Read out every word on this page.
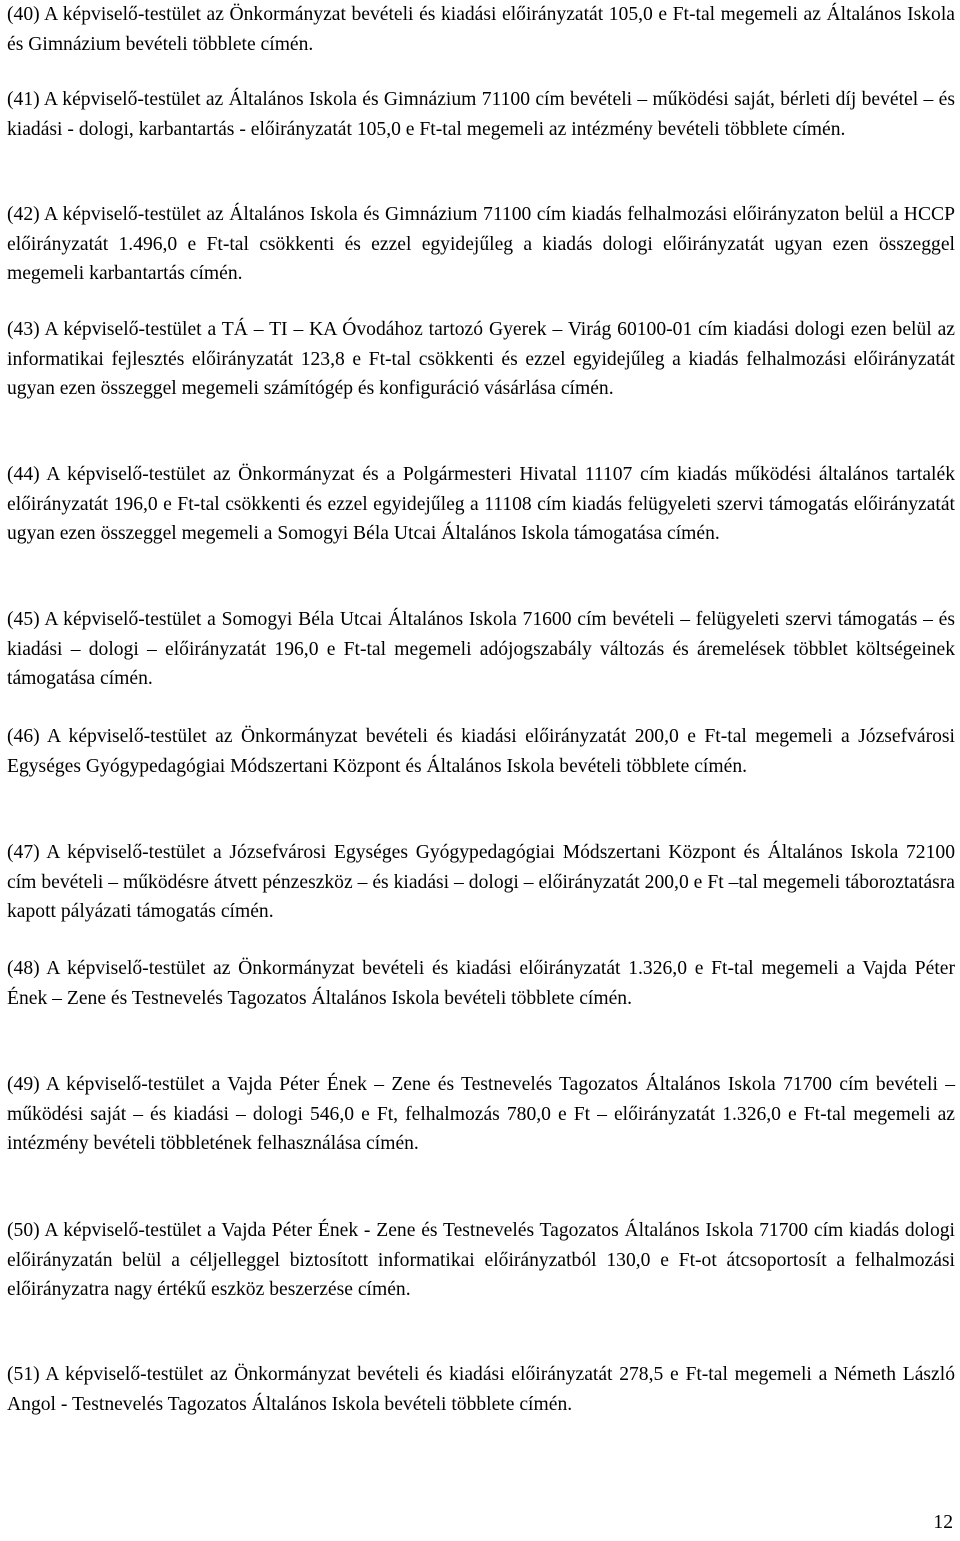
(40) A képviselő-testület az Önkormányzat bevételi és kiadási előirányzatát 105,0 e Ft-tal megemeli az Általános Iskola és Gimnázium bevételi többlete címén.

(41) A képviselő-testület az Általános Iskola és Gimnázium 71100 cím bevételi – működési saját, bérleti díj bevétel – és kiadási - dologi, karbantartás - előirányzatát 105,0 e Ft-tal megemeli az intézmény bevételi többlete címén.

(42) A képviselő-testület az Általános Iskola és Gimnázium 71100 cím kiadás felhalmozási előirányzaton belül a HCCP előirányzatát 1.496,0 e Ft-tal csökkenti és ezzel egyidejűleg a kiadás dologi előirányzatát ugyan ezen összeggel megemeli karbantartás címén.

(43) A képviselő-testület a TÁ – TI – KA Óvodához tartozó Gyerek – Virág 60100-01 cím kiadási dologi ezen belül az informatikai fejlesztés előirányzatát 123,8 e Ft-tal csökkenti és ezzel egyidejűleg a kiadás felhalmozási előirányzatát ugyan ezen összeggel megemeli számítógép és konfiguráció vásárlása címén.

(44) A képviselő-testület az Önkormányzat és a Polgármesteri Hivatal 11107 cím kiadás működési általános tartalék előirányzatát 196,0 e Ft-tal csökkenti és ezzel egyidejűleg a 11108 cím kiadás felügyeleti szervi támogatás előirányzatát ugyan ezen összeggel megemeli a Somogyi Béla Utcai Általános Iskola támogatása címén.

(45) A képviselő-testület a Somogyi Béla Utcai Általános Iskola 71600 cím bevételi – felügyeleti szervi támogatás – és kiadási – dologi – előirányzatát 196,0 e Ft-tal megemeli adójogszabály változás és áremelések többlet költségeinek támogatása címén.

(46) A képviselő-testület az Önkormányzat bevételi és kiadási előirányzatát 200,0 e Ft-tal megemeli a Józsefvárosi Egységes Gyógypedagógiai Módszertani Központ és Általános Iskola bevételi többlete címén.

(47) A képviselő-testület a Józsefvárosi Egységes Gyógypedagógiai Módszertani Központ és Általános Iskola 72100 cím bevételi – működésre átvett pénzeszköz – és kiadási – dologi – előirányzatát 200,0 e Ft –tal megemeli táboroztatásra kapott pályázati támogatás címén.

(48) A képviselő-testület az Önkormányzat bevételi és kiadási előirányzatát 1.326,0 e Ft-tal megemeli a Vajda Péter Ének – Zene és Testnevelés Tagozatos Általános Iskola bevételi többlete címén.

(49) A képviselő-testület a Vajda Péter Ének – Zene és Testnevelés Tagozatos Általános Iskola 71700 cím bevételi – működési saját – és kiadási – dologi 546,0 e Ft, felhalmozás 780,0 e Ft – előirányzatát 1.326,0 e Ft-tal megemeli az intézmény bevételi többletének felhasználása címén.

(50) A képviselő-testület a Vajda Péter Ének - Zene és Testnevelés Tagozatos Általános Iskola 71700 cím kiadás dologi előirányzatán belül a céljelleggel biztosított informatikai előirányzatból 130,0 e Ft-ot átcsoportosít a felhalmozási előirányzatra nagy értékű eszköz beszerzése címén.

(51) A képviselő-testület az Önkormányzat bevételi és kiadási előirányzatát 278,5 e Ft-tal megemeli a Németh László Angol - Testnevelés Tagozatos Általános Iskola bevételi többlete címén.

12
